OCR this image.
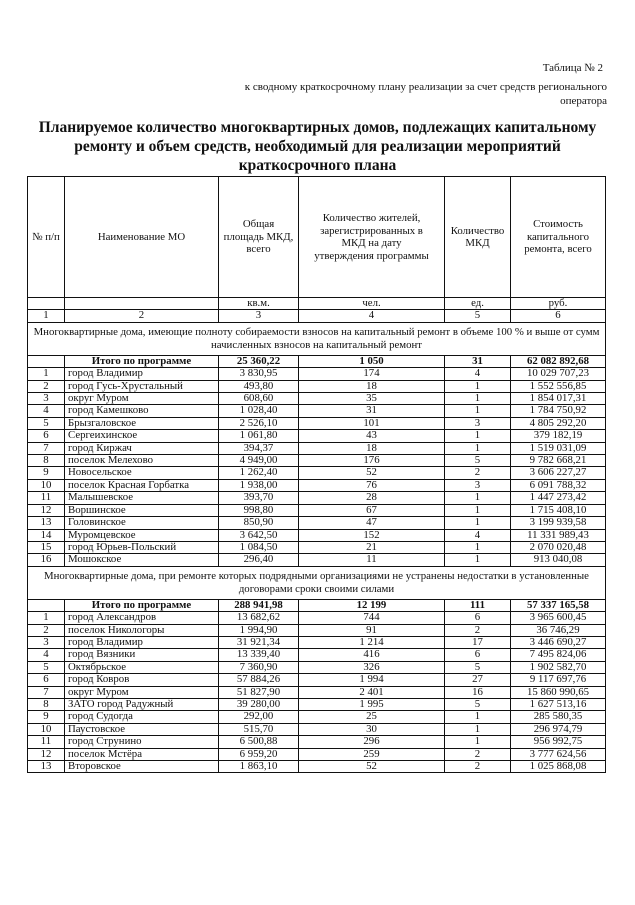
Таблица № 2
к сводному краткосрочному плану реализации за счет средств регионального оператора
Планируемое количество многоквартирных домов, подлежащих капитальному ремонту и объем средств, необходимый для реализации мероприятий краткосрочного плана
№ п/п	Наименование МО	Общая площадь МКД, всего	Количество жителей, зарегистрированных в МКД на дату утверждения программы	Количество МКД	Стоимость капитального ремонта, всего
		кв.м.	чел.	ед.	руб.
1	2	3	4	5	6
Многоквартирные дома, имеющие полноту собираемости взносов на капитальный ремонт в объеме 100 % и выше от сумм начисленных взносов на капитальный ремонт					
	Итого по программе	25 360,22	1 050	31	62 082 892,68
1	город Владимир	3 830,95	174	4	10 029 707,23
2	город Гусь-Хрустальный	493,80	18	1	1 552 556,85
3	округ Муром	608,60	35	1	1 854 017,31
4	город Камешково	1 028,40	31	1	1 784 750,92
5	Брызгаловское	2 526,10	101	3	4 805 292,20
6	Сергеихинское	1 061,80	43	1	379 182,19
7	город Киржач	394,37	18	1	1 519 031,09
8	поселок Мелехово	4 949,00	176	5	9 782 668,21
9	Новосельское	1 262,40	52	2	3 606 227,27
10	поселок Красная Горбатка	1 938,00	76	3	6 091 788,32
11	Малышевское	393,70	28	1	1 447 273,42
12	Воршинское	998,80	67	1	1 715 408,10
13	Головинское	850,90	47	1	3 199 939,58
14	Муромцевское	3 642,50	152	4	11 331 989,43
15	город Юрьев-Польский	1 084,50	21	1	2 070 020,48
16	Мошокское	296,40	11	1	913 040,08
Многоквартирные дома, при ремонте которых подрядными организациями не устранены недостатки в установленные договорами сроки своими силами					
	Итого по программе	288 941,98	12 199	111	57 337 165,58
1	город Александров	13 682,62	744	6	3 965 600,45
2	поселок Никологоры	1 994,90	91	2	36 746,29
3	город Владимир	31 921,34	1 214	17	3 446 690,27
4	город Вязники	13 339,40	416	6	7 495 824,06
5	Октябрьское	7 360,90	326	5	1 902 582,70
6	город Ковров	57 884,26	1 994	27	9 117 697,76
7	округ Муром	51 827,90	2 401	16	15 860 990,65
8	ЗАТО город Радужный	39 280,00	1 995	5	1 627 513,16
9	город Судогда	292,00	25	1	285 580,35
10	Паустовское	515,70	30	1	296 974,79
11	город Струнино	6 500,88	296	1	956 992,75
12	поселок Мстёра	6 959,20	259	2	3 777 624,56
13	Второвское	1 863,10	52	2	1 025 868,08
